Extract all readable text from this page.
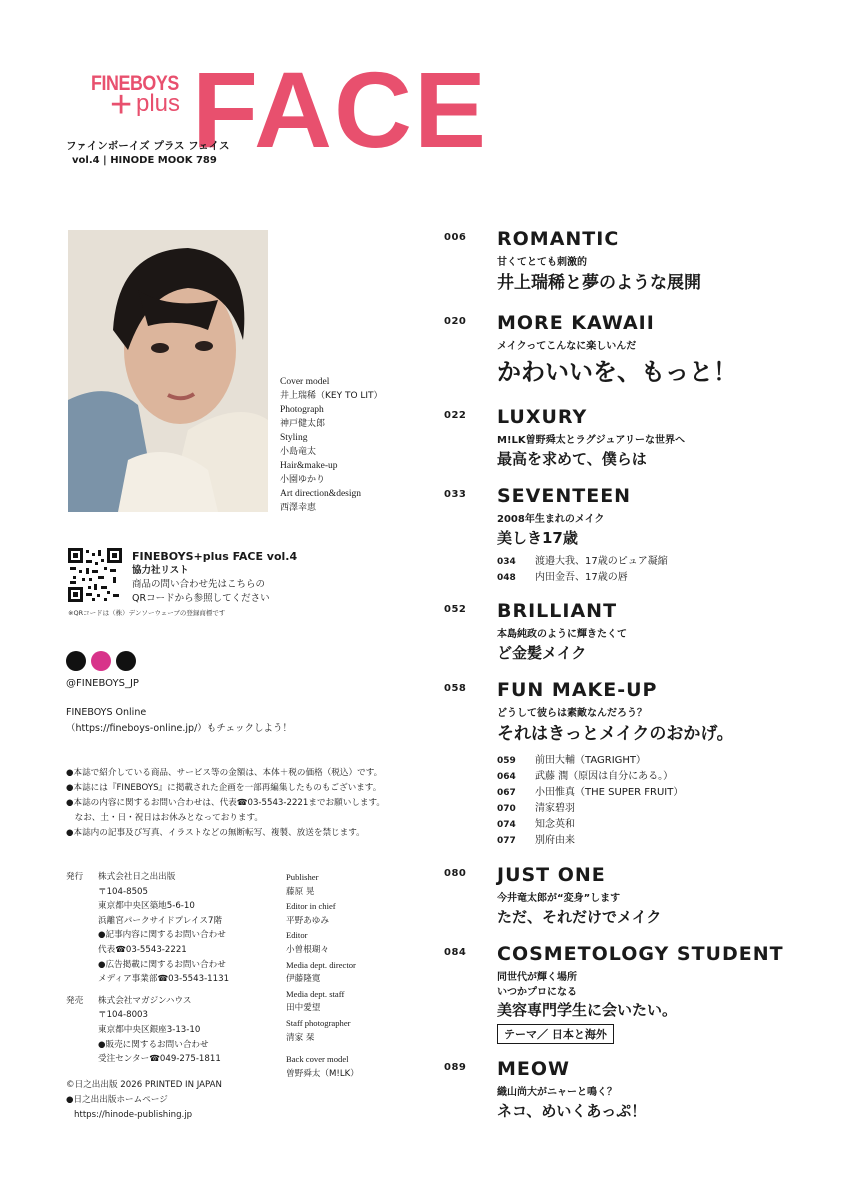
FINEBOYS
+ plus FACE
ファインボーイズ プラス フェイス
vol.4 | HINODE MOOK 789
Cover model
井上瑞稀（KEY TO LIT）
Photograph
神戸健太郎
Styling
小島竜太
Hair&make-up
小園ゆかり
Art direction&design
西澤幸恵
FINEBOYS+plus FACE vol.4
協力社リスト
商品の問い合わせ先はこちらの
QRコードから参照してください
※QRコードは（株）デンソーウェーブの登録商標です
@FINEBOYS_JP
FINEBOYS Online
（https://fineboys-online.jp/）もチェックしよう！
●本誌で紹介している商品、サービス等の金額は、本体＋税の価格（税込）です。
●本誌には『FINEBOYS』に掲載された企画を一部再編集したものもございます。
●本誌の内容に関するお問い合わせは、代表☎03-5543-2221までお願いします。
　なお、土・日・祝日はお休みとなっております。
●本誌内の記事及び写真、イラストなどの無断転写、複製、放送を禁じます。
発行 株式会社日之出出版
〒104-8505
東京都中央区築地5-6-10
浜離宮パークサイドプレイス7階
●記事内容に関するお問い合わせ
代表☎03-5543-2221
●広告掲載に関するお問い合わせ
メディア事業部☎03-5543-1131
発売 株式会社マガジンハウス
〒104-8003
東京都中央区銀座3-13-10
●販売に関するお問い合わせ
受注センター☎049-275-1811
Publisher
藤原 晃
Editor in chief
平野あゆみ
Editor
小曽根瑚々
Media dept. director
伊藤隆寛
Media dept. staff
田中愛望
Staff photographer
清家 栞
Back cover model
曽野舜太（M!LK）
©日之出出版 2026 PRINTED IN JAPAN
●日之出出版ホームページ
https://hinode-publishing.jp
006 ROMANTIC
甘くてとても刺激的
井上瑞稀と夢のような展開
020 MORE KAWAII
メイクってこんなに楽しいんだ
かわいいを、もっと！
022 LUXURY
M!LK曽野舜太とラグジュアリーな世界へ
最高を求めて、僕らは
033 SEVENTEEN
2008年生まれのメイク
美しき17歳
034 渡邉大我、17歳のピュア凝縮
048 内田金吾、17歳の唇
052 BRILLIANT
本島純政のように輝きたくて
ど金髪メイク
058 FUN MAKE-UP
どうして彼らは素敵なんだろう？
それはきっとメイクのおかげ。
059 前田大輔（TAGRIGHT）
064 武藤 潤（原因は自分にある。）
067 小田惟真（THE SUPER FRUIT）
070 清家碧羽
074 知念英和
077 別府由来
080 JUST ONE
今井竜太郎が“変身”します
ただ、それだけでメイク
084 COSMETOLOGY STUDENT
同世代が輝く場所
いつかプロになる
美容専門学生に会いたい。
テーマ／ 日本と海外
089 MEOW
織山尚大がニャーと鳴く？
ネコ、めいくあっぷ！
